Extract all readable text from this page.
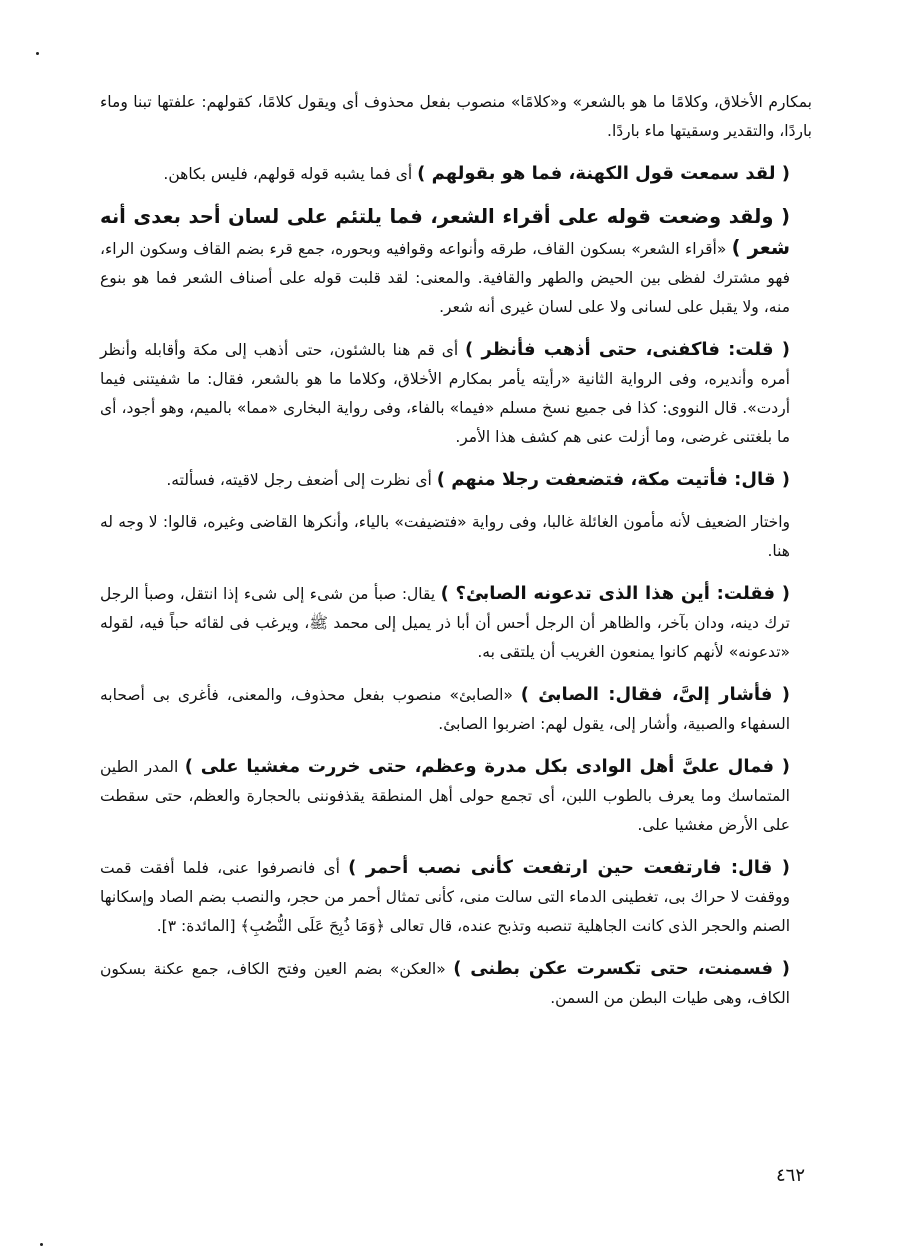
بمكارم الأخلاق، وكلامًا ما هو بالشعر» و«كلامًا» منصوب بفعل محذوف أى ويقول كلامًا، كقولهم: علفتها تبنا وماء باردًا، والتقدير وسقيتها ماء باردًا.

( لقد سمعت قول الكهنة، فما هو بقولهم ) أى فما يشبه قوله قولهم، فليس بكاهن.

( ولقد وضعت قوله على أقراء الشعر، فما يلتئم على لسان أحد بعدى أنه شعر ) «أقراء الشعر» بسكون القاف، طرقه وأنواعه وقوافيه وبحوره، جمع قرء بضم القاف وسكون الراء، فهو مشترك لفظى بين الحيض والطهر والقافية. والمعنى: لقد قلبت قوله على أصناف الشعر فما هو بنوع منه، ولا يقبل على لسانى ولا على لسان غيرى أنه شعر.

( قلت: فاكفنى، حتى أذهب فأنظر ) أى قم هنا بالشئون، حتى أذهب إلى مكة وأقابله وأنظر أمره وأنديره، وفى الرواية الثانية «رأيته يأمر بمكارم الأخلاق، وكلاما ما هو بالشعر، فقال: ما شفيتنى فيما أردت». قال النووى: كذا فى جميع نسخ مسلم «فيما» بالفاء، وفى رواية البخارى «مما» بالميم، وهو أجود، أى ما بلغتنى غرضى، وما أزلت عنى هم كشف هذا الأمر.

( قال: فأتيت مكة، فتضعفت رجلا منهم ) أى نظرت إلى أضعف رجل لاقيته، فسألته.

واختار الضعيف لأنه مأمون الغائلة غالبا، وفى رواية «فتضيفت» بالياء، وأنكرها القاضى وغيره، قالوا: لا وجه له هنا.

( فقلت: أين هذا الذى تدعونه الصابئ؟ ) يقال: صبأ من شىء إلى شىء إذا انتقل، وصبأ الرجل ترك دينه، ودان بآخر، والظاهر أن الرجل أحس أن أبا ذر يميل إلى محمد ﷺ، ويرغب فى لقائه حباً فيه، لقوله «تدعونه» لأنهم كانوا يمنعون الغريب أن يلتقى به.

( فأشار إلىَّ، فقال: الصابئ ) «الصابئ» منصوب بفعل محذوف، والمعنى، فأغرى بى أصحابه السفهاء والصبية، وأشار إلى، يقول لهم: اضربوا الصابئ.

( فمال علىَّ أهل الوادى بكل مدرة وعظم، حتى خررت مغشيا على ) المدر الطين المتماسك وما يعرف بالطوب اللبن، أى تجمع حولى أهل المنطقة يقذفوننى بالحجارة والعظم، حتى سقطت على الأرض مغشيا على.

( قال: فارتفعت حين ارتفعت كأنى نصب أحمر ) أى فانصرفوا عنى، فلما أفقت قمت ووقفت لا حراك بى، تغطينى الدماء التى سالت منى، كأنى تمثال أحمر من حجر، والنصب بضم الصاد وإسكانها الصنم والحجر الذى كانت الجاهلية تنصبه وتذبح عنده، قال تعالى ﴿وَمَا ذُبِحَ عَلَى النُّصُبِ﴾ [المائدة: ٣].

( فسمنت، حتى تكسرت عكن بطنى ) «العكن» بضم العين وفتح الكاف، جمع عكنة بسكون الكاف، وهى طيات البطن من السمن.

٤٦٢
